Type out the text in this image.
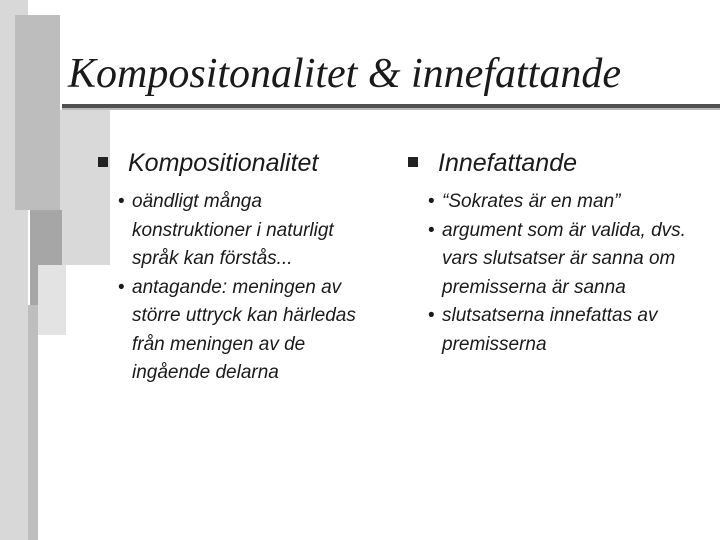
Kompositonalitet & innefattande
Kompositionalitet
• oändligt många konstruktioner i naturligt språk kan förstås...
• antagande: meningen av större uttryck kan härledas från meningen av de ingående delarna
Innefattande
• “Sokrates är en man”
• argument som är valida, dvs. vars slutsatser är sanna om premisserna är sanna
• slutsatserna innefattas av premisserna
